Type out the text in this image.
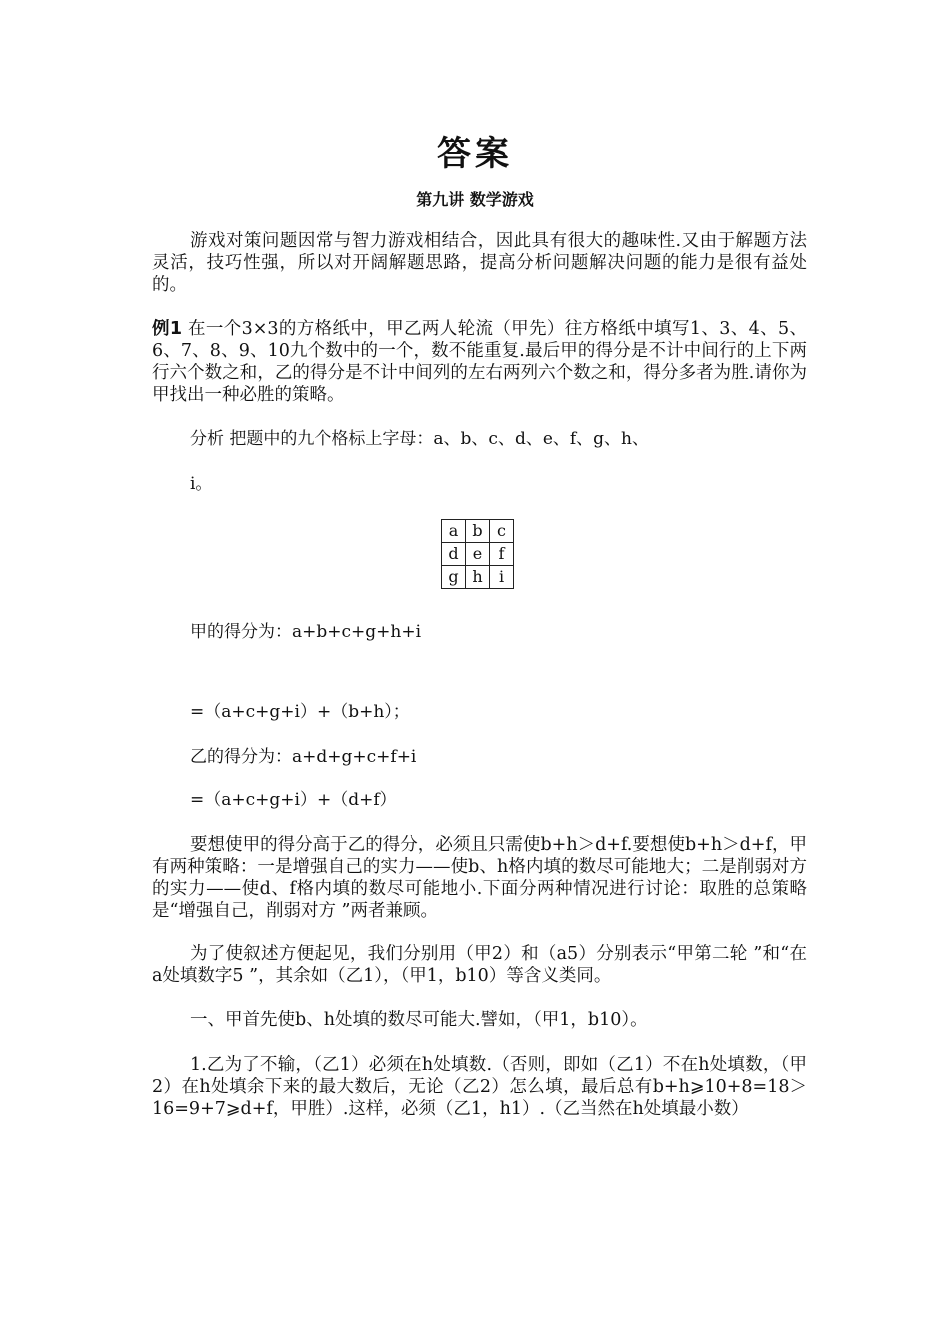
答案
第九讲 数学游戏
游戏对策问题因常与智力游戏相结合，因此具有很大的趣味性.又由于解题方法灵活，技巧性强，所以对开阔解题思路，提高分析问题解决问题的能力是很有益处的。
例1 在一个3×3的方格纸中，甲乙两人轮流（甲先）往方格纸中填写1、3、4、5、6、7、8、9、10九个数中的一个，数不能重复.最后甲的得分是不计中间行的上下两行六个数之和，乙的得分是不计中间列的左右两列六个数之和，得分多者为胜.请你为甲找出一种必胜的策略。
分析 把题中的九个格标上字母：a、b、c、d、e、f、g、h、
i。
a	b	c
d	e	f
g	h	i
甲的得分为：a+b+c+g+h+i
=（a+c+g+i）+（b+h）；
乙的得分为：a+d+g+c+f+i
=（a+c+g+i）+（d+f）
要想使甲的得分高于乙的得分，必须且只需使b+h＞d+f.要想使b+h＞d+f，甲有两种策略：一是增强自己的实力——使b、h格内填的数尽可能地大；二是削弱对方的实力——使d、f格内填的数尽可能地小.下面分两种情况进行讨论：取胜的总策略是“增强自己，削弱对方 ”两者兼顾。
为了使叙述方便起见，我们分别用（甲2）和（a5）分别表示“甲第二轮 ”和“在a处填数字5 ”，其余如（乙1），（甲1，b10）等含义类同。
一、甲首先使b、h处填的数尽可能大.譬如，（甲1，b10）。
1.乙为了不输，（乙1）必须在h处填数.（否则，即如（乙1）不在h处填数，（甲2）在h处填余下来的最大数后，无论（乙2）怎么填，最后总有b+h⩾10+8=18＞16=9+7⩾d+f，甲胜）.这样，必须（乙1，h1）.（乙当然在h处填最小数）
